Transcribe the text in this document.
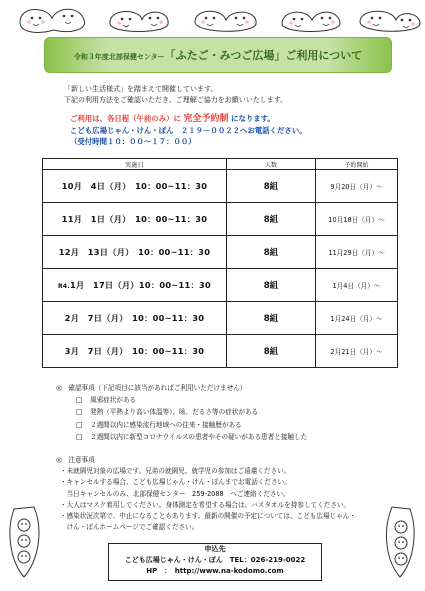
令和３年度北部保健センター「ふたご・みつご広場」ご利用について
「新しい生活様式」を踏まえて開催しています。
下記の利用方法をご確認いただき、ご理解ご協力をお願いいたします。
ご利用は、各日程（午前のみ）に 完全予約制 になります。
こども広場じゃん・けん・ぽん　２１９－００２２へお電話ください。
（受付時間１０：００～１７：００）
実施日	人数	予約開始
10月　4日（月）　10：00~11：30	8組	9月20日（月）～
11月　1日（月）　10：00~11：30	8組	10月18日（月）～
12月　13日（月）　10：00~11：30	8組	11月29日（月）～
R4.1月　17日（月）10：00~11：30	8組	1月4日（月）～
2月　7日（月）　10：00~11：30	8組	1月24日（月）～
3月　7日（月）　10：00~11：30	8組	2月21日（月）～
◎　確認事項（下記項目に該当があればご利用いただけません）
□ 風邪症状がある
□ 発熱（平熱より高い体温等）、咳、だるさ等の症状がある
□ ２週間以内に感染流行地域への往来・接触歴がある
□ ２週間以内に新型コロナウイルスの患者やその疑いがある患者と接触した
◎　注意事項
・未就園児対象の広場です。兄弟の就園児、就学児の参加はご遠慮ください。
・キャンセルする場合、こども広場じゃん・けん・ぽんまでお電話ください。
　当日キャンセルのみ、北部保健センター　259-2088　へご連絡ください。
・大人はマスク着用してください。身体測定を希望する場合は、バスタオルを持参してください。
・感染状況次第で、中止になることもあります。最新の開催の予定については、こども広場じゃん・
　けん・ぽんホームページでご確認ください。
申込先
こども広場じゃん・けん・ぽん　TEL：026-219-0022
HP　：　http://www.na-kodomo.com
